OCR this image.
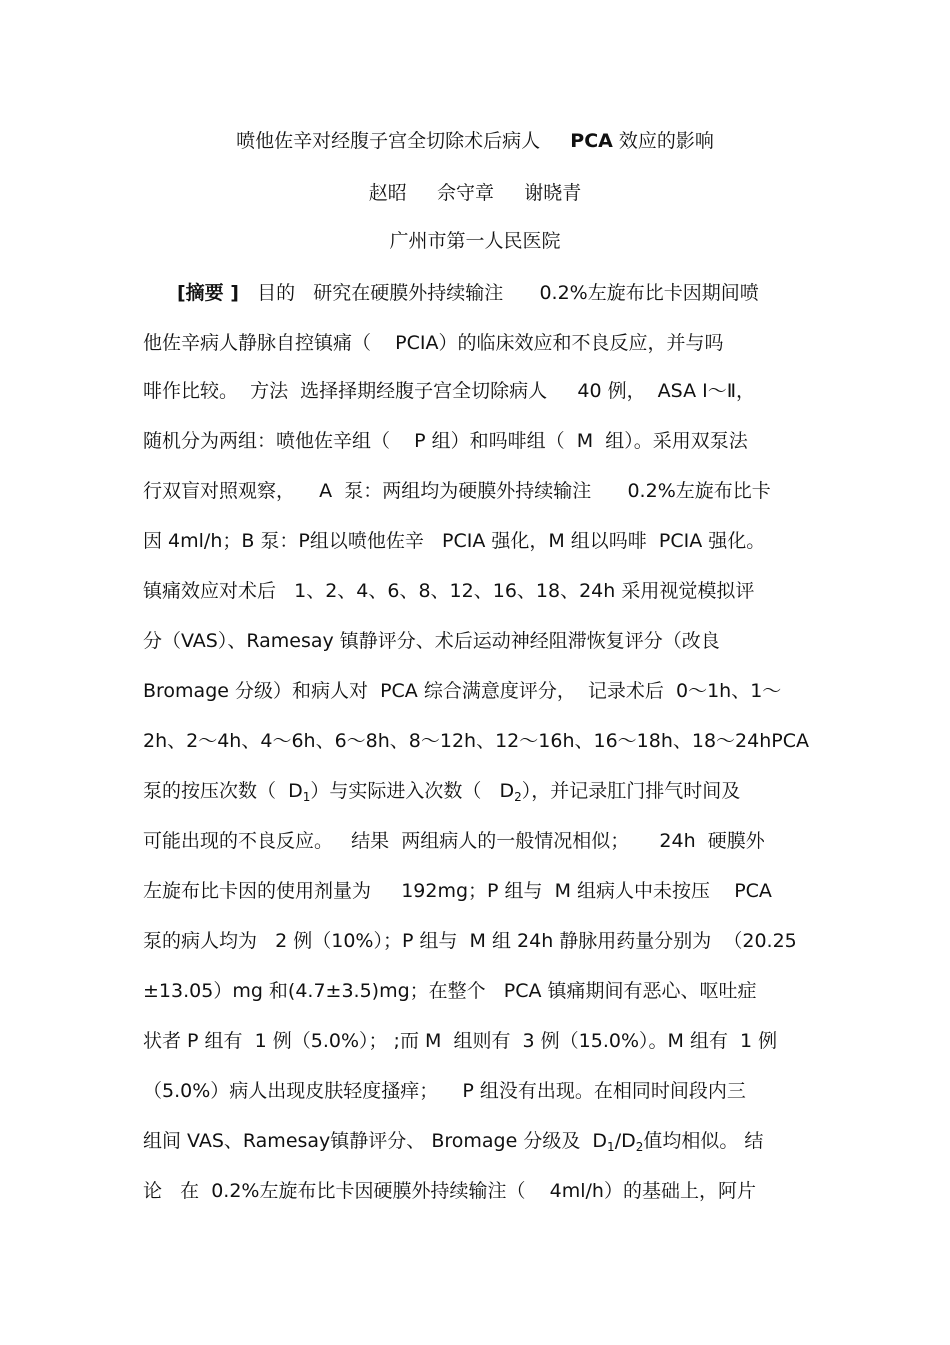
喷他佐辛对经腹子宫全切除术后病人 PCA 效应的影响
赵昭     佘守章     谢晓青
广州市第一人民医院
[摘要 ]   目的   研究在硬膜外持续输注      0.2%左旋布比卡因期间喷
他佐辛病人静脉自控镇痛（    PCIA）的临床效应和不良反应，并与吗
啡作比较。  方法  选择择期经腹子宫全切除病人     40 例，  ASA Ⅰ～Ⅱ，
随机分为两组：喷他佐辛组（    P 组）和吗啡组（  M  组）。采用双泵法
行双盲对照观察，    A  泵：两组均为硬膜外持续输注      0.2%左旋布比卡
因 4ml/h；B 泵：P组以喷他佐辛   PCIA 强化，M 组以吗啡  PCIA 强化。
镇痛效应对术后   1、2、4、6、8、12、16、18、24h 采用视觉模拟评
分（VAS）、Ramesay 镇静评分、术后运动神经阻滞恢复评分（改良
Bromage 分级）和病人对  PCA 综合满意度评分，  记录术后  0～1h、1～
2h、2～4h、4～6h、6～8h、8～12h、12～16h、16～18h、18～24hPCA
泵的按压次数（  $D_1$）与实际进入次数（   $D_2$），并记录肛门排气时间及
可能出现的不良反应。   结果  两组病人的一般情况相似；     24h  硬膜外
左旋布比卡因的使用剂量为     192mg；P 组与  M 组病人中未按压    PCA
泵的病人均为   2 例（10%）；P 组与  M 组 24h 静脉用药量分别为  （20.25
±13.05）mg 和(4.7±3.5)mg；在整个   PCA 镇痛期间有恶心、呕吐症
状者 P 组有  1 例（5.0%）； ;而 M  组则有  3 例（15.0%）。M 组有  1 例
（5.0%）病人出现皮肤轻度搔痒；    P 组没有出现。在相同时间段内三
组间 VAS、Ramesay镇静评分、 Bromage 分级及  $D_1/D_2$值均相似。 结
论   在  0.2%左旋布比卡因硬膜外持续输注（    4ml/h）的基础上，阿片
